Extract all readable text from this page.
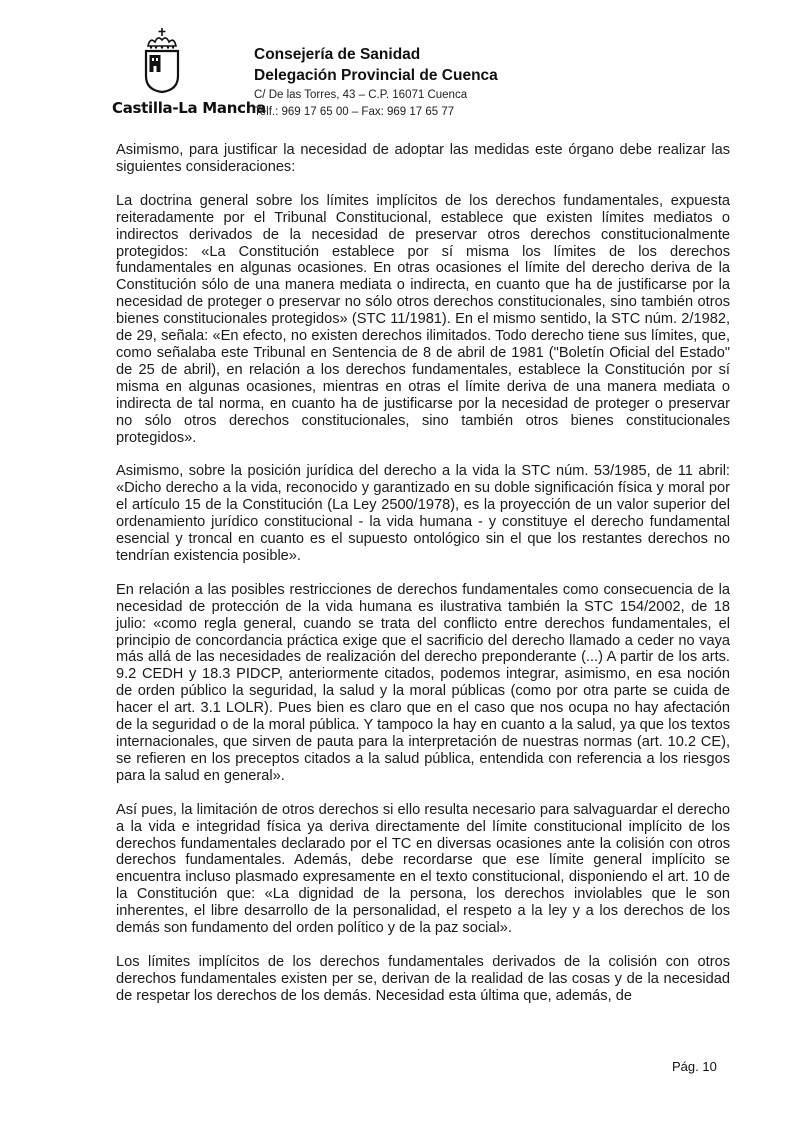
Castilla-La Mancha
Consejería de Sanidad
Delegación Provincial de Cuenca
C/ De las Torres, 43 – C.P. 16071 Cuenca
Telf.: 969 17 65 00 – Fax: 969 17 65 77

Asimismo, para justificar la necesidad de adoptar las medidas este órgano debe realizar las siguientes consideraciones:

La doctrina general sobre los límites implícitos de los derechos fundamentales, expuesta reiteradamente por el Tribunal Constitucional, establece que existen límites mediatos o indirectos derivados de la necesidad de preservar otros derechos constitucionalmente protegidos: «La Constitución establece por sí misma los límites de los derechos fundamentales en algunas ocasiones. En otras ocasiones el límite del derecho deriva de la Constitución sólo de una manera mediata o indirecta, en cuanto que ha de justificarse por la necesidad de proteger o preservar no sólo otros derechos constitucionales, sino también otros bienes constitucionales protegidos» (STC 11/1981). En el mismo sentido, la STC núm. 2/1982, de 29, señala: «En efecto, no existen derechos ilimitados. Todo derecho tiene sus límites, que, como señalaba este Tribunal en Sentencia de 8 de abril de 1981 ("Boletín Oficial del Estado" de 25 de abril), en relación a los derechos fundamentales, establece la Constitución por sí misma en algunas ocasiones, mientras en otras el límite deriva de una manera mediata o indirecta de tal norma, en cuanto ha de justificarse por la necesidad de proteger o preservar no sólo otros derechos constitucionales, sino también otros bienes constitucionales protegidos».

Asimismo, sobre la posición jurídica del derecho a la vida la STC núm. 53/1985, de 11 abril: «Dicho derecho a la vida, reconocido y garantizado en su doble significación física y moral por el artículo 15 de la Constitución (La Ley 2500/1978), es la proyección de un valor superior del ordenamiento jurídico constitucional - la vida humana - y constituye el derecho fundamental esencial y troncal en cuanto es el supuesto ontológico sin el que los restantes derechos no tendrían existencia posible».

En relación a las posibles restricciones de derechos fundamentales como consecuencia de la necesidad de protección de la vida humana es ilustrativa también la STC 154/2002, de 18 julio: «como regla general, cuando se trata del conflicto entre derechos fundamentales, el principio de concordancia práctica exige que el sacrificio del derecho llamado a ceder no vaya más allá de las necesidades de realización del derecho preponderante (...) A partir de los arts. 9.2 CEDH y 18.3 PIDCP, anteriormente citados, podemos integrar, asimismo, en esa noción de orden público la seguridad, la salud y la moral públicas (como por otra parte se cuida de hacer el art. 3.1 LOLR). Pues bien es claro que en el caso que nos ocupa no hay afectación de la seguridad o de la moral pública. Y tampoco la hay en cuanto a la salud, ya que los textos internacionales, que sirven de pauta para la interpretación de nuestras normas (art. 10.2 CE), se refieren en los preceptos citados a la salud pública, entendida con referencia a los riesgos para la salud en general».

Así pues, la limitación de otros derechos si ello resulta necesario para salvaguardar el derecho a la vida e integridad física ya deriva directamente del límite constitucional implícito de los derechos fundamentales declarado por el TC en diversas ocasiones ante la colisión con otros derechos fundamentales. Además, debe recordarse que ese límite general implícito se encuentra incluso plasmado expresamente en el texto constitucional, disponiendo el art. 10 de la Constitución que: «La dignidad de la persona, los derechos inviolables que le son inherentes, el libre desarrollo de la personalidad, el respeto a la ley y a los derechos de los demás son fundamento del orden político y de la paz social».

Los límites implícitos de los derechos fundamentales derivados de la colisión con otros derechos fundamentales existen per se, derivan de la realidad de las cosas y de la necesidad de respetar los derechos de los demás. Necesidad esta última que, además, de

Pág. 10
